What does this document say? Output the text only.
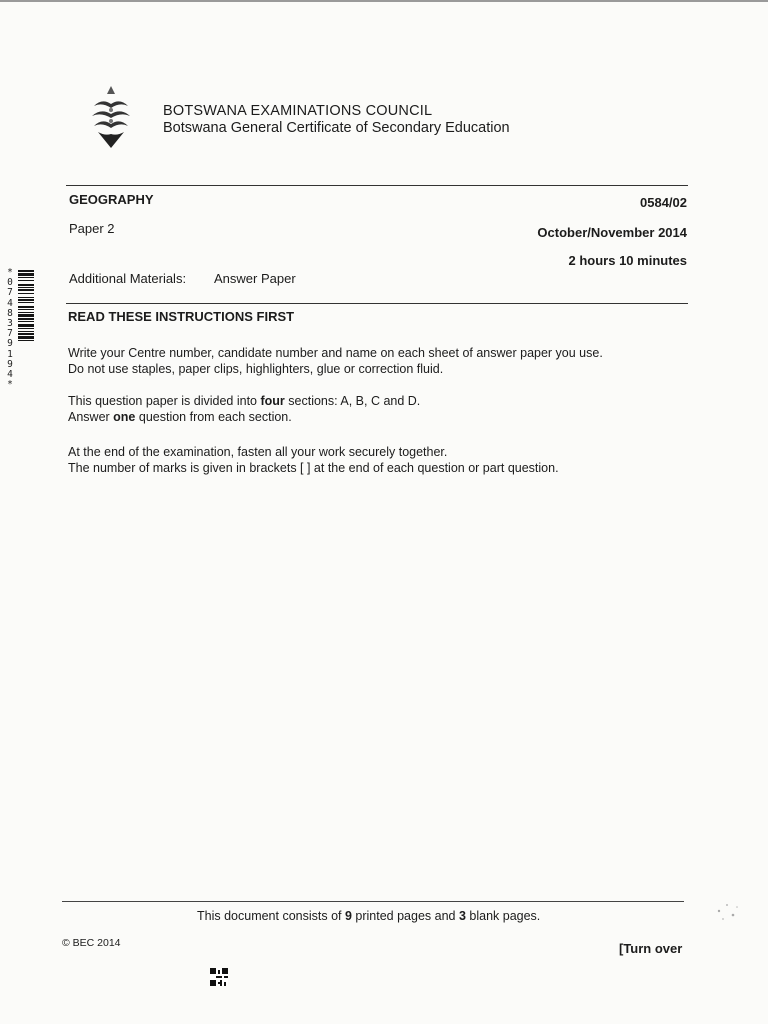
BOTSWANA EXAMINATIONS COUNCIL
Botswana General Certificate of Secondary Education
GEOGRAPHY	0584/02
Paper 2	October/November 2014
2 hours 10 minutes
Additional Materials: Answer Paper
*
0
7
4
8
3
7
9
1
9
4
*
READ THESE INSTRUCTIONS FIRST
Write your Centre number, candidate number and name on each sheet of answer paper you use.
Do not use staples, paper clips, highlighters, glue or correction fluid.
This question paper is divided into four sections: A, B, C and D.
Answer one question from each section.
At the end of the examination, fasten all your work securely together.
The number of marks is given in brackets [ ] at the end of each question or part question.
This document consists of 9 printed pages and 3 blank pages.
© BEC 2014	[Turn over
